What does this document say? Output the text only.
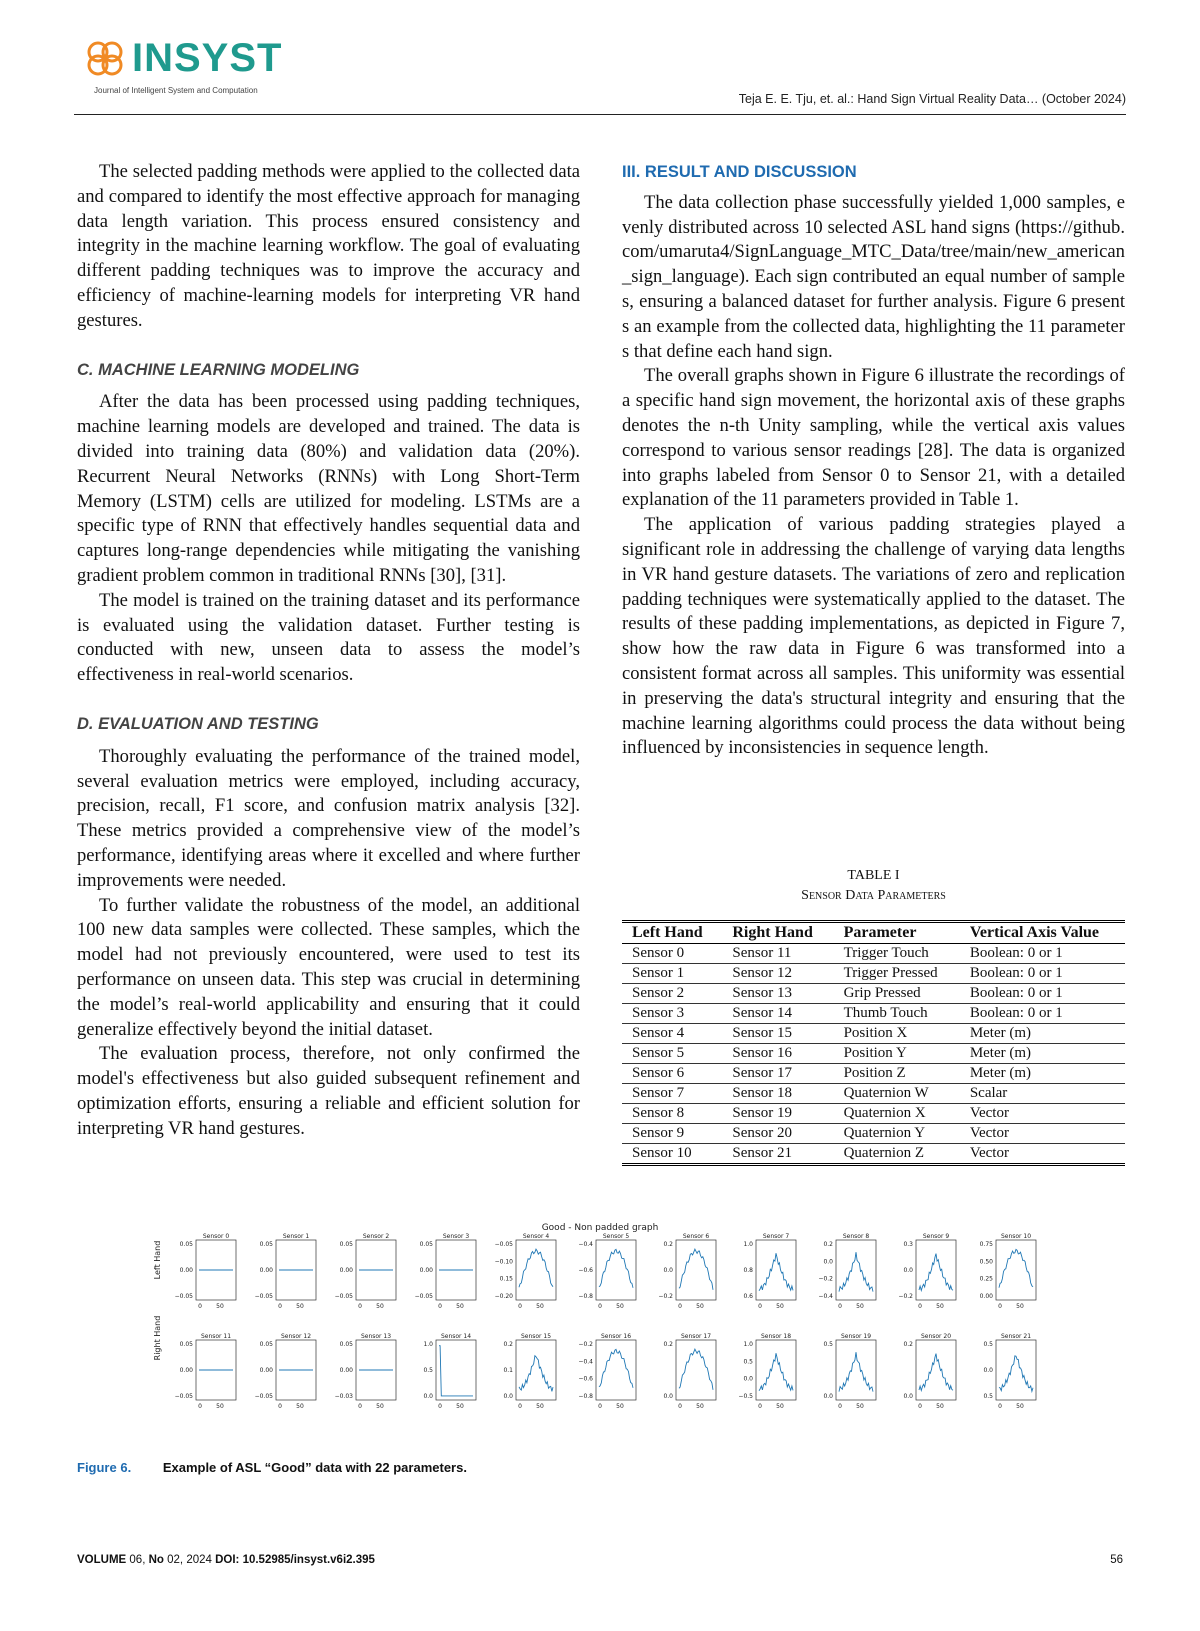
INSYST
Journal of Intelligent System and Computation
Teja E. E. Tju, et. al.: Hand Sign Virtual Reality Data… (October 2024)

The selected padding methods were applied to the collected data and compared to identify the most effective approach for managing data length variation. This process ensured consistency and integrity in the machine learning workflow. The goal of evaluating different padding techniques was to improve the accuracy and efficiency of machine-learning models for interpreting VR hand gestures.

C. MACHINE LEARNING MODELING

After the data has been processed using padding techniques, machine learning models are developed and trained. The data is divided into training data (80%) and validation data (20%). Recurrent Neural Networks (RNNs) with Long Short-Term Memory (LSTM) cells are utilized for modeling. LSTMs are a specific type of RNN that effectively handles sequential data and captures long-range dependencies while mitigating the vanishing gradient problem common in traditional RNNs [30], [31].

The model is trained on the training dataset and its performance is evaluated using the validation dataset. Further testing is conducted with new, unseen data to assess the model’s effectiveness in real-world scenarios.

D. EVALUATION AND TESTING

Thoroughly evaluating the performance of the trained model, several evaluation metrics were employed, including accuracy, precision, recall, F1 score, and confusion matrix analysis [32]. These metrics provided a comprehensive view of the model’s performance, identifying areas where it excelled and where further improvements were needed.

To further validate the robustness of the model, an additional 100 new data samples were collected. These samples, which the model had not previously encountered, were used to test its performance on unseen data. This step was crucial in determining the model’s real-world applicability and ensuring that it could generalize effectively beyond the initial dataset.

The evaluation process, therefore, not only confirmed the model's effectiveness but also guided subsequent refinement and optimization efforts, ensuring a reliable and efficient solution for interpreting VR hand gestures.

III. RESULT AND DISCUSSION

The data collection phase successfully yielded 1,000 samples, evenly distributed across 10 selected ASL hand signs (https://github.com/umaruta4/SignLanguage_MTC_Data/tree/main/new_american_sign_language). Each sign contributed an equal number of samples, ensuring a balanced dataset for further analysis. Figure 6 presents an example from the collected data, highlighting the 11 parameters that define each hand sign.

The overall graphs shown in Figure 6 illustrate the recordings of a specific hand sign movement, the horizontal axis of these graphs denotes the n-th Unity sampling, while the vertical axis values correspond to various sensor readings [28]. The data is organized into graphs labeled from Sensor 0 to Sensor 21, with a detailed explanation of the 11 parameters provided in Table 1.

The application of various padding strategies played a significant role in addressing the challenge of varying data lengths in VR hand gesture datasets. The variations of zero and replication padding techniques were systematically applied to the dataset. The results of these padding implementations, as depicted in Figure 7, show how the raw data in Figure 6 was transformed into a consistent format across all samples. This uniformity was essential in preserving the data's structural integrity and ensuring that the machine learning algorithms could process the data without being influenced by inconsistencies in sequence length.

TABLE I
Sensor Data Parameters
Left Hand	Right Hand	Parameter	Vertical Axis Value
Sensor 0	Sensor 11	Trigger Touch	Boolean: 0 or 1
Sensor 1	Sensor 12	Trigger Pressed	Boolean: 0 or 1
Sensor 2	Sensor 13	Grip Pressed	Boolean: 0 or 1
Sensor 3	Sensor 14	Thumb Touch	Boolean: 0 or 1
Sensor 4	Sensor 15	Position X	Meter (m)
Sensor 5	Sensor 16	Position Y	Meter (m)
Sensor 6	Sensor 17	Position Z	Meter (m)
Sensor 7	Sensor 18	Quaternion W	Scalar
Sensor 8	Sensor 19	Quaternion X	Vector
Sensor 9	Sensor 20	Quaternion Y	Vector
Sensor 10	Sensor 21	Quaternion Z	Vector
Good - Non padded graph
Left Hand
Right Hand
Sensor 0
0.05
0.00
−0.05
0 50
Sensor 1
0.05
0.00
−0.05
0 50
Sensor 2
0.05
0.00
−0.05
0 50
Sensor 3
0.05
0.00
−0.05
0 50
Sensor 4
−0.05
−0.10
0.15
−0.20
0 50
Sensor 5
−0.4
−0.6
−0.8
0 50
Sensor 6
0.2
0.0
−0.2
0 50
Sensor 7
1.0
0.8
0.6
0 50
Sensor 8
0.2
0.0
−0.2
−0.4
0 50
Sensor 9
0.3
0.0
−0.2
0 50
Sensor 10
0.75
0.50
0.25
0.00
0 50
Sensor 11
0.05
0.00
−0.05
0 50
Sensor 12
0.05
0.00
−0.05
0 50
Sensor 13
0.05
0.00
−0.03
0 50
Sensor 14
1.0
0.5
0.0
0 50
Sensor 15
0.2
0.1
0.0
0 50
Sensor 16
−0.2
−0.4
−0.6
−0.8
0 50
Sensor 17
0.2
0.0
0 50
Sensor 18
1.0
0.5
0.0
−0.5
0 50
Sensor 19
0.5
0.0
0 50
Sensor 20
0.2
0.0
0 50
Sensor 21
0.5
0.0
0.5
0 50
Figure 6. Example of ASL “Good” data with 22 parameters.
VOLUME 06, No 02, 2024 DOI: 10.52985/insyst.v6i2.395	56
